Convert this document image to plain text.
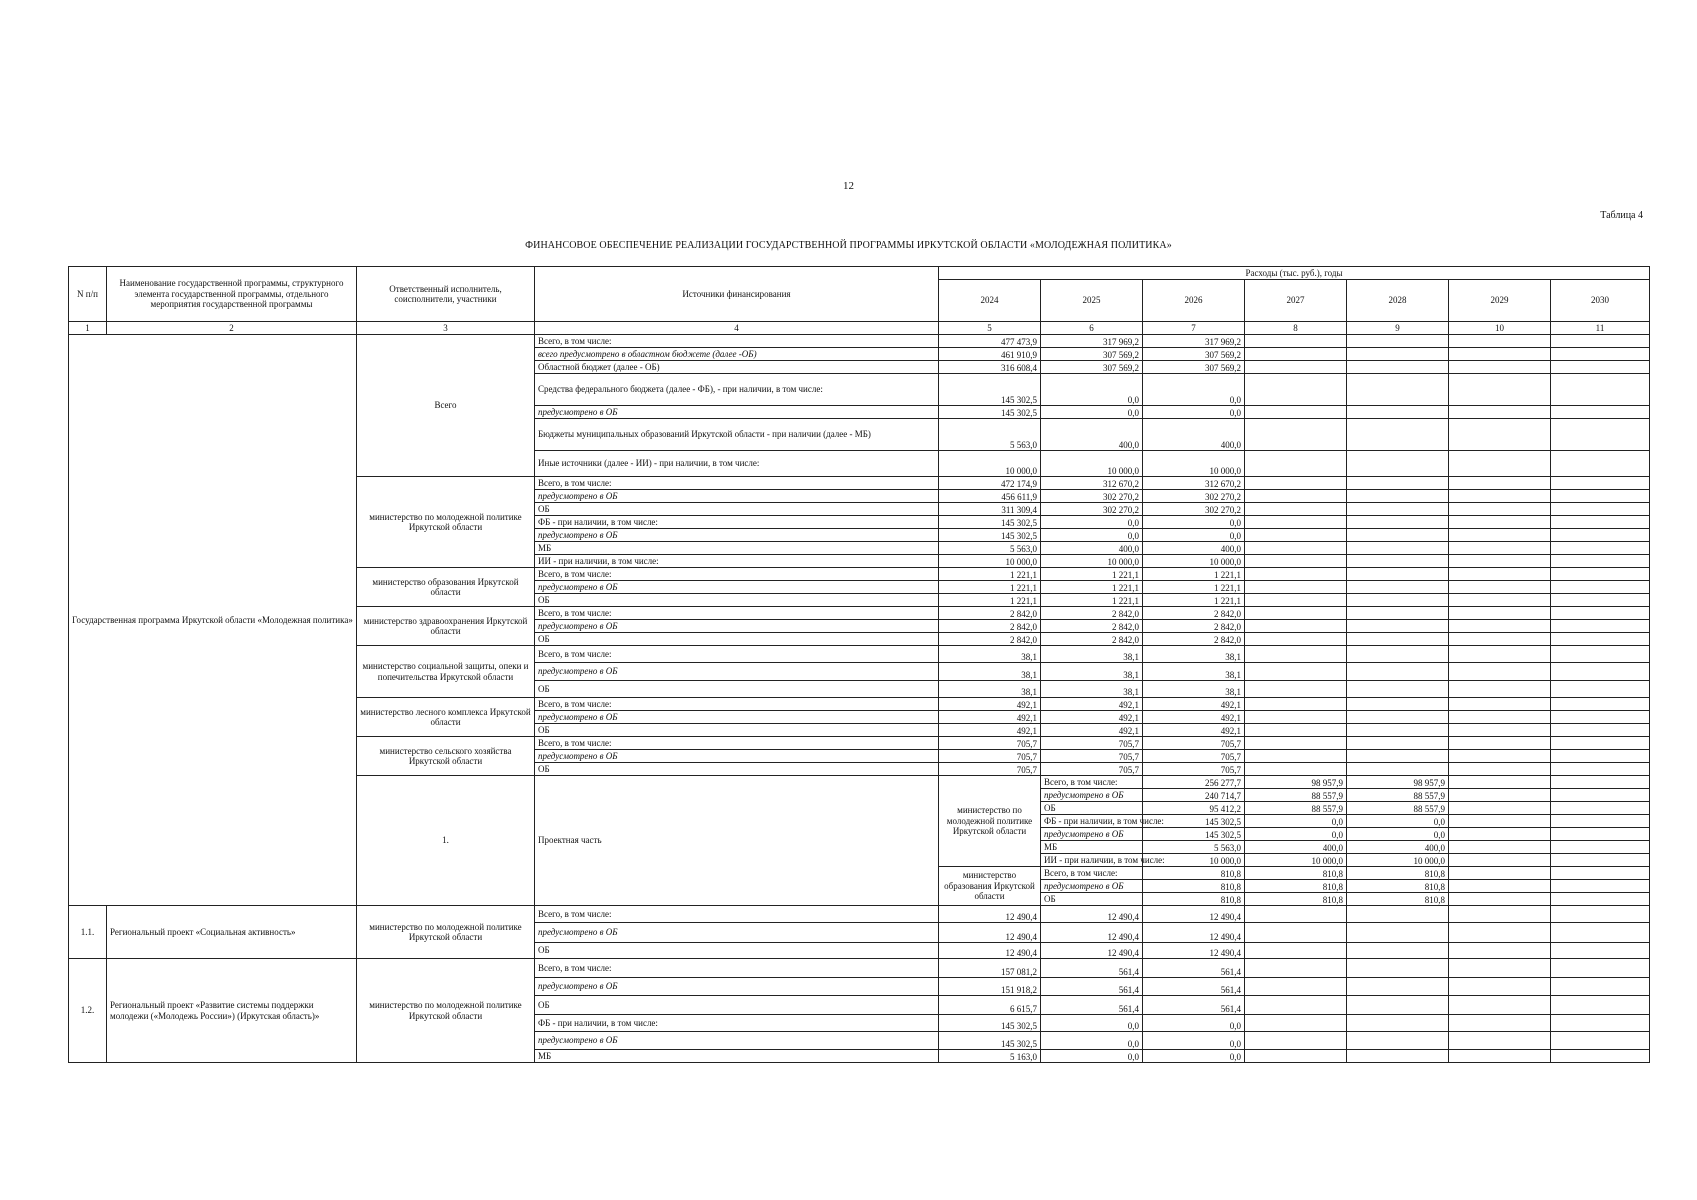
12
Таблица 4
ФИНАНСОВОЕ ОБЕСПЕЧЕНИЕ РЕАЛИЗАЦИИ ГОСУДАРСТВЕННОЙ ПРОГРАММЫ ИРКУТСКОЙ ОБЛАСТИ «МОЛОДЕЖНАЯ ПОЛИТИКА»
N п/п	Наименование государственной программы, структурного элемента государственной программы, отдельного мероприятия государственной программы	Ответственный исполнитель, соисполнители, участники	Источники финансирования	Расходы (тыс. руб.), годы							
				2024	2025	2026	2027	2028	2029	2030	
1	2	3	4	5	6	7	8	9	10	11	
Государственная программа Иркутской области «Молодежная политика»		Всего	Всего, в том числе:	477 473,9	317 969,2	317 969,2					
			всего предусмотрено в областном бюджете (далее -ОБ)	461 910,9	307 569,2	307 569,2					
			Областной бюджет (далее - ОБ)	316 608,4	307 569,2	307 569,2					
			Средства федерального бюджета (далее - ФБ), - при наличии, в том числе:	145 302,5	0,0	0,0					
			предусмотрено в ОБ	145 302,5	0,0	0,0					
			Бюджеты муниципальных образований Иркутской области - при наличии (далее - МБ)	5 563,0	400,0	400,0					
			Иные источники (далее - ИИ) - при наличии, в том числе:	10 000,0	10 000,0	10 000,0					
		министерство по молодежной политике Иркутской области	Всего, в том числе:	472 174,9	312 670,2	312 670,2					
			предусмотрено в ОБ	456 611,9	302 270,2	302 270,2					
			ОБ	311 309,4	302 270,2	302 270,2					
			ФБ - при наличии, в том числе:	145 302,5	0,0	0,0					
			предусмотрено в ОБ	145 302,5	0,0	0,0					
			МБ	5 563,0	400,0	400,0					
			ИИ - при наличии, в том числе:	10 000,0	10 000,0	10 000,0					
		министерство образования Иркутской области	Всего, в том числе:	1 221,1	1 221,1	1 221,1					
			предусмотрено в ОБ	1 221,1	1 221,1	1 221,1					
			ОБ	1 221,1	1 221,1	1 221,1					
		министерство здравоохранения Иркутской области	Всего, в том числе:	2 842,0	2 842,0	2 842,0					
			предусмотрено в ОБ	2 842,0	2 842,0	2 842,0					
			ОБ	2 842,0	2 842,0	2 842,0					
		министерство социальной защиты, опеки и попечительства Иркутской области	Всего, в том числе:	38,1	38,1	38,1					
			предусмотрено в ОБ	38,1	38,1	38,1					
			ОБ	38,1	38,1	38,1					
		министерство лесного комплекса Иркутской области	Всего, в том числе:	492,1	492,1	492,1					
			предусмотрено в ОБ	492,1	492,1	492,1					
			ОБ	492,1	492,1	492,1					
		министерство сельского хозяйства Иркутской области	Всего, в том числе:	705,7	705,7	705,7					
			предусмотрено в ОБ	705,7	705,7	705,7					
			ОБ	705,7	705,7	705,7					
		1.	Проектная часть	министерство по молодежной политике Иркутской области	Всего, в том числе:	256 277,7	98 957,9	98 957,9				
					предусмотрено в ОБ	240 714,7	88 557,9	88 557,9				
					ОБ	95 412,2	88 557,9	88 557,9				
					ФБ - при наличии, в том числе:	145 302,5	0,0	0,0				
					предусмотрено в ОБ	145 302,5	0,0	0,0				
					МБ	5 563,0	400,0	400,0				
					ИИ - при наличии, в том числе:	10 000,0	10 000,0	10 000,0				
				министерство образования Иркутской области	Всего, в том числе:	810,8	810,8	810,8				
					предусмотрено в ОБ	810,8	810,8	810,8				
					ОБ	810,8	810,8	810,8				
1.1.	Региональный проект «Социальная активность»	министерство по молодежной политике Иркутской области	Всего, в том числе:	12 490,4	12 490,4	12 490,4					
			предусмотрено в ОБ	12 490,4	12 490,4	12 490,4					
			ОБ	12 490,4	12 490,4	12 490,4					
1.2.	Региональный проект «Развитие системы поддержки молодежи («Молодежь России») (Иркутская область)»	министерство по молодежной политике Иркутской области	Всего, в том числе:	157 081,2	561,4	561,4					
			предусмотрено в ОБ	151 918,2	561,4	561,4					
			ОБ	6 615,7	561,4	561,4					
			ФБ - при наличии, в том числе:	145 302,5	0,0	0,0					
			предусмотрено в ОБ	145 302,5	0,0	0,0					
			МБ	5 163,0	0,0	0,0					
